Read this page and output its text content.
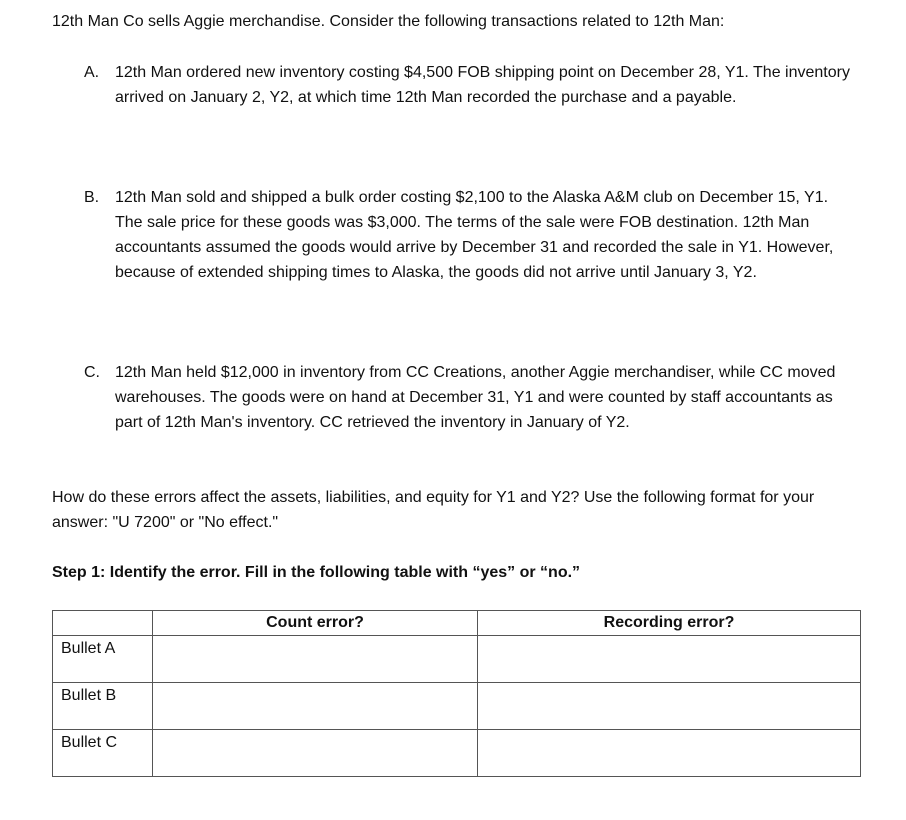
12th Man Co sells Aggie merchandise. Consider the following transactions related to 12th Man:

A. 12th Man ordered new inventory costing $4,500 FOB shipping point on December 28, Y1. The inventory arrived on January 2, Y2, at which time 12th Man recorded the purchase and a payable.

B. 12th Man sold and shipped a bulk order costing $2,100 to the Alaska A&M club on December 15, Y1. The sale price for these goods was $3,000. The terms of the sale were FOB destination. 12th Man accountants assumed the goods would arrive by December 31 and recorded the sale in Y1. However, because of extended shipping times to Alaska, the goods did not arrive until January 3, Y2.

C. 12th Man held $12,000 in inventory from CC Creations, another Aggie merchandiser, while CC moved warehouses. The goods were on hand at December 31, Y1 and were counted by staff accountants as part of 12th Man's inventory. CC retrieved the inventory in January of Y2.

How do these errors affect the assets, liabilities, and equity for Y1 and Y2? Use the following format for your answer: "U 7200" or "No effect."

Step 1: Identify the error. Fill in the following table with “yes” or “no.”

	Count error?	Recording error?
Bullet A		
Bullet B		
Bullet C		
